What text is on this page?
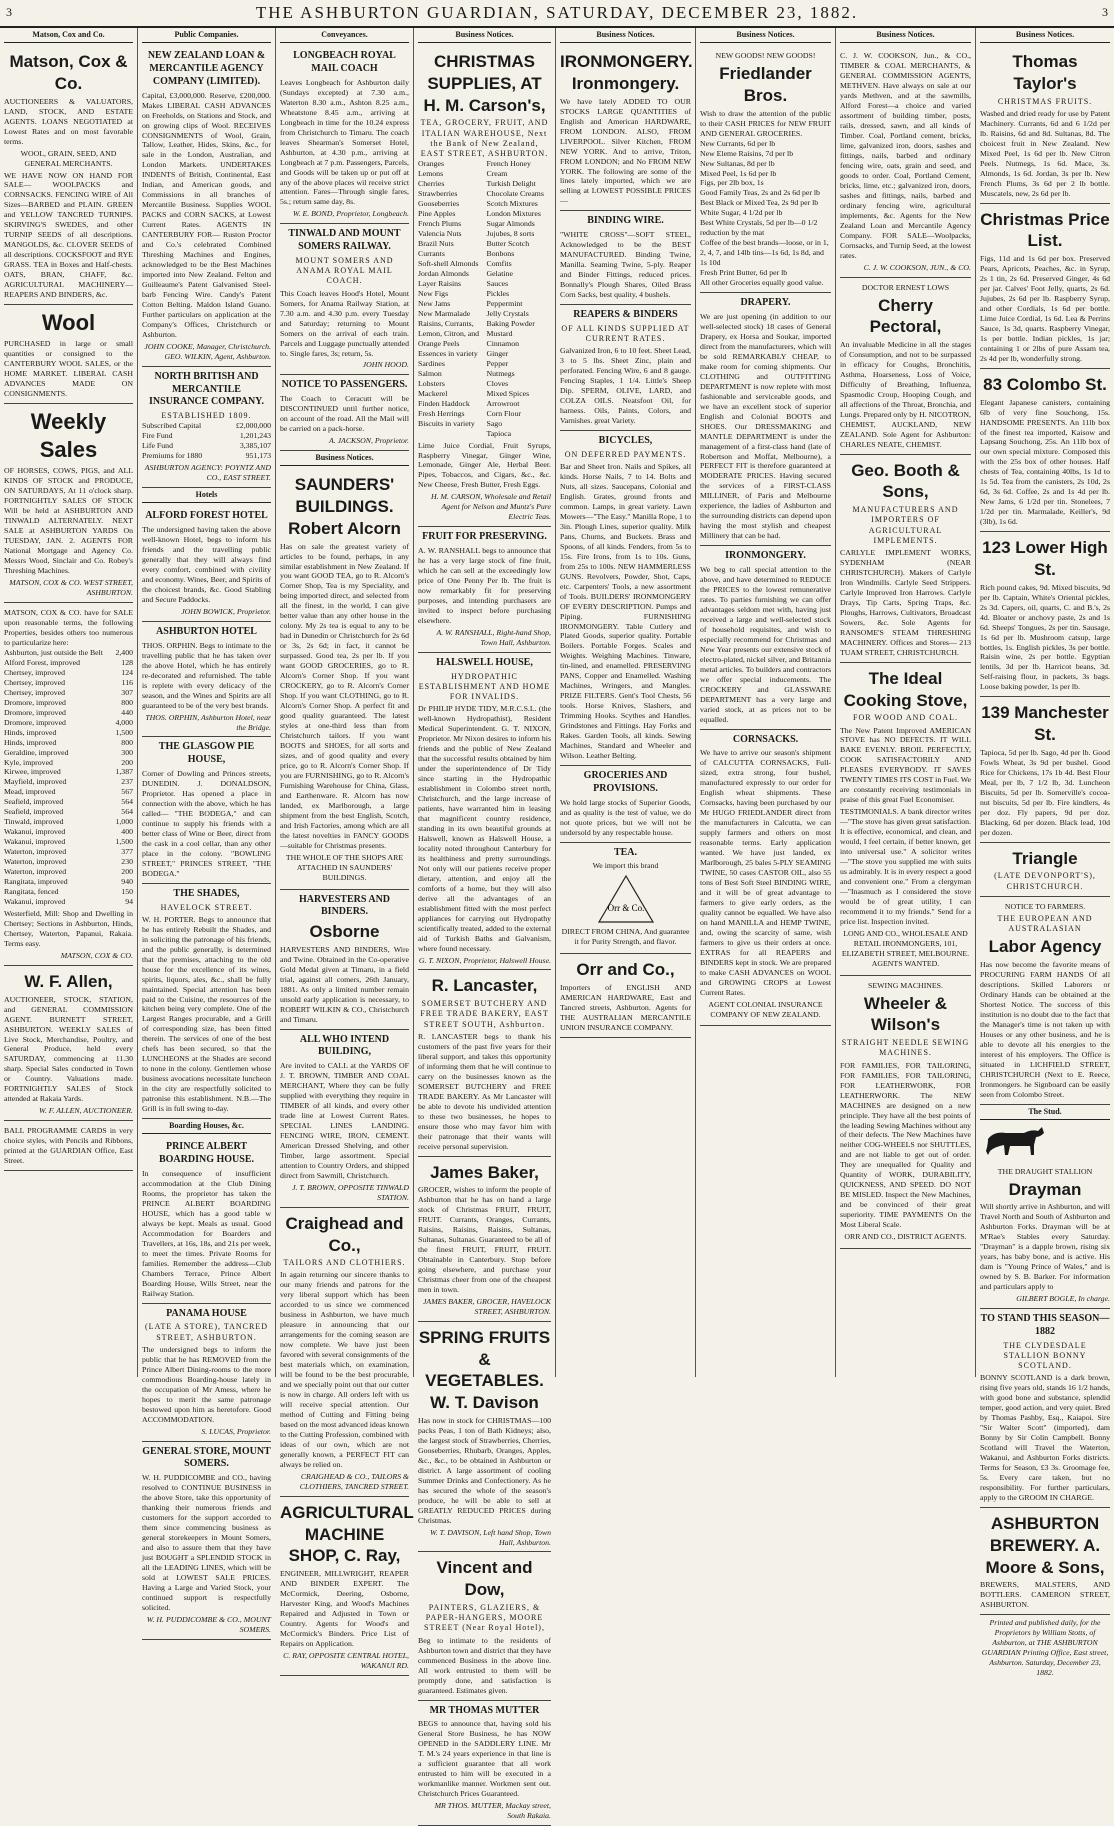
3	THE ASHBURTON GUARDIAN, SATURDAY, DECEMBER 23, 1882.	3
Matson, Cox and Co.
Matson, Cox & Co.
AUCTIONEERS & VALUATORS, LAND, STOCK, AND ESTATE AGENTS. LOANS NEGOTIATED at Lowest Rates and on most favorable terms.
WOOL, GRAIN, SEED, AND GENERAL MERCHANTS.
WE HAVE NOW ON HAND FOR SALE— WOOLPACKS and CORNSACKS. FENCING WIRE of All Sizes—BARBED and PLAIN. GREEN and YELLOW TANCRED TURNIPS. SKIRVING'S SWEDES, and other TURNIP SEEDS of all descriptions. MANGOLDS, &c. CLOVER SEEDS of all descriptions. COCKSFOOT and RYE GRASS. TEA in Boxes and Half-chests. OATS, BRAN, CHAFF, &c. AGRICULTURAL MACHINERY—REAPERS AND BINDERS, &c.
Wool
PURCHASED in large or small quantities or consigned to the CANTERBURY WOOL SALES, or the HOME MARKET. LIBERAL CASH ADVANCES MADE ON CONSIGNMENTS.
Weekly Sales
OF HORSES, COWS, PIGS, and ALL KINDS OF STOCK and PRODUCE, ON SATURDAYS, At 11 o'clock sharp. FORTNIGHTLY SALES OF STOCK Will be held at ASHBURTON AND TINWALD ALTERNATELY. NEXT SALE at ASHBURTON YARDS On TUESDAY, JAN. 2. AGENTS FOR National Mortgage and Agency Co. Messrs Wood, Sinclair and Co. Robey's Threshing Machines.
MATSON, COX & CO. WEST STREET, ASHBURTON.
MATSON, COX & CO. have for SALE upon reasonable terms, the following Properties, besides others too numerous to particularize here:
Ashburton, just outside the Belt 2,400
Alford Forest, improved	128
Chertsey, improved	124
Chertsey, improved	116
Chertsey, improved	307
Dromore, improved	800
Dromore, improved	440
Dromore, improved	4,000
Hinds, improved	1,500
Hinds, improved	800
Geraldine, improved	300
Kyle, improved	200
Kirwee, improved	1,387
Mayfield, improved	237
Mead, improved	567
Seafield, improved	564
Seafield, improved	564
Tinwald, improved	1,000
Wakanui, improved	400
Wakanui, improved	1,500
Waterton, improved	377
Waterton, improved	230
Waterton, improved	200
Rangitata, improved	940
Rangitata, fenced	150
Wakanui, improved	94
Westerfield, Mill: Shop and Dwelling in Chertsey; Sections in Ashburton, Hinds, Chertsey, Waterton, Papanui, Rakaia. Terms easy.
MATSON, COX & CO.
W. F. Allen,
AUCTIONEER, STOCK, STATION, and GENERAL COMMISSION AGENT. BURNETT STREET, ASHBURTON. WEEKLY SALES of Live Stock, Merchandise, Poultry, and General Produce, held every SATURDAY, commencing at 11.30 sharp. Special Sales conducted in Town or Country. Valuations made. FORTNIGHTLY SALES of Stock attended at Rakaia Yards.
W. F. ALLEN, AUCTIONEER.
BALL PROGRAMME CARDS in very choice styles, with Pencils and Ribbons, printed at the GUARDIAN Office, East Street.
Public Companies.
NEW ZEALAND LOAN & MERCANTILE AGENCY COMPANY (LIMITED).
Capital, £3,000,000. Reserve, £200,000. Makes LIBERAL CASH ADVANCES on Freeholds, on Stations and Stock, and on growing clips of Wool. RECEIVES CONSIGNMENTS of Wool, Grain, Tallow, Leather, Hides, Skins, &c., for sale in the London, Australian, and London Markets. UNDERTAKES INDENTS of British, Continental, East Indian, and American goods, and Commissions in all branches of Mercantile Business. Supplies WOOL PACKS and CORN SACKS, at Lowest Current Rates. AGENTS IN CANTERBURY FOR— Ruston Proctor and Co.'s celebrated Combined Threshing Machines and Engines, acknowledged to be the Best Machines imported into New Zealand. Felton and Guilleaume's Patent Galvanised Steel-barb Fencing Wire. Candy's Patent Cotton Belting. Maldon Island Guano. Further particulars on application at the Company's Offices, Christchurch or Ashburton.
JOHN COOKE, Manager, Christchurch. GEO. WILKIN, Agent, Ashburton.
NORTH BRITISH AND MERCANTILE INSURANCE COMPANY.
ESTABLISHED 1809.
Subscribed Capital	£2,000,000
Fire Fund	1,201,243
Life Fund	3,385,107
Premiums for 1880	951,173
ASHBURTON AGENCY: POYNTZ AND CO., EAST STREET.
Hotels
ALFORD FOREST HOTEL
The undersigned having taken the above well-known Hotel, begs to inform his friends and the travelling public generally that they will always find every comfort, combined with civility and economy. Wines, Beer, and Spirits of the choicest brands, &c. Good Stabling and Secure Paddocks.
JOHN BOWICK, Proprietor.
ASHBURTON HOTEL
THOS. ORPHIN. Begs to intimate to the travelling public that he has taken over the above Hotel, which he has entirely re-decorated and refurnished. The table is replete with every delicacy of the season, and the Wines and Spirits are all guaranteed to be of the very best brands.
THOS. ORPHIN, Ashburton Hotel, near the Bridge.
THE GLASGOW PIE HOUSE,
Corner of Dowling and Princes streets, DUNEDIN. J. DONALDSON, Proprietor. Has opened a place in connection with the above, which he has called— "THE BODEGA," and can continue to supply his friends with a better class of Wine or Beer, direct from the cask in a cool cellar, than any other place in the colony. "BOWLING STREET," PRINCES STREET, "THE BODEGA."
THE SHADES,
HAVELOCK STREET.
W. H. PORTER. Begs to announce that he has entirely Rebuilt the Shades, and in soliciting the patronage of his friends, and the public generally, is determined that the premises, attaching to the old house for the excellence of its wines, spirits, liquors, ales, &c., shall be fully maintained. Special attention has been paid to the Cuisine, the resources of the kitchen being very complete. One of the Largest Ranges procurable, and a Grill of corresponding size, has been fitted therein. The services of one of the best chefs has been secured, so that the LUNCHEONS at the Shades are second to none in the colony. Gentlemen whose business avocations necessitate luncheon in the city are respectfully solicited to patronise this establishment. N.B.—The Grill is in full swing to-day.
Boarding Houses, &c.
PRINCE ALBERT BOARDING HOUSE.
In consequence of insufficient accommodation at the Club Dining Rooms, the proprietor has taken the PRINCE ALBERT BOARDING HOUSE, which has a good table w always be kept. Meals as usual. Good Accommodation for Boarders and Travellers, at 16s, 18s, and 21s per week, to meet the times. Private Rooms for families. Remember the address—Club Chambers Terrace, Prince Albert Boarding House, Wills Street, near the Railway Station.
PANAMA HOUSE
(LATE A STORE), TANCRED STREET, ASHBURTON.
The undersigned begs to inform the public that he has REMOVED from the Prince Albert Dining-rooms to the more commodious Boarding-house lately in the occupation of Mr Amess, where he hopes to merit the same patronage bestowed upon him as heretofore. Good ACCOMMODATION.
S. LUCAS, Proprietor.
GENERAL STORE, MOUNT SOMERS.
W. H. PUDDICOMBE and CO., having resolved to CONTINUE BUSINESS in the above Store, take this opportunity of thanking their numerous friends and customers for the support accorded to them since commencing business as general storekeepers in Mount Somers, and also to assure them that they have just BOUGHT a SPLENDID STOCK in all the LEADING LINES, which will be sold at LOWEST SALE PRICES. Having a Large and Varied Stock, your continued support is respectfully solicited.
W. H. PUDDICOMBE & CO., MOUNT SOMERS.
Conveyances.
LONGBEACH ROYAL MAIL COACH
Leaves Longbeach for Ashburton daily (Sundays excepted) at 7.30 a.m., Waterton 8.30 a.m., Ashton 8.25 a.m., Wheatstone 8.45 a.m., arriving at Longbeach in time for the 10.24 express from Christchurch to Timaru. The coach leaves Shearman's Somerset Hotel, Ashburton, at 4.30 p.m., arriving at Longbeach at 7 p.m. Passengers, Parcels, and Goods will be taken up or put off at any of the above places wil receive strict attention. Fares—Through single fares, 5s.; return same day, 8s.
W. E. BOND, Proprietor, Longbeach.
TINWALD AND MOUNT SOMERS RAILWAY.
MOUNT SOMERS AND ANAMA ROYAL MAIL COACH.
This Coach leaves Hood's Hotel, Mount Somers, for Anama Railway Station, at 7.30 a.m. and 4.30 p.m. every Tuesday and Saturday; returning to Mount Somers on the arrival of each train. Parcels and Luggage punctually attended to. Single fares, 3s; return, 5s.
JOHN HOOD.
NOTICE TO PASSENGERS.
The Coach to Ceracutt will be DISCONTINUED until further notice, on account of the road. All the Mail will be carried on a pack-horse.
A. JACKSON, Proprietor.
Business Notices.
SAUNDERS' BUILDINGS. Robert Alcorn
Has on sale the greatest variety of articles to be found, perhaps, in any similar establishment in New Zealand. If you want GOOD TEA, go to R. Alcorn's Corner Shop, Tea is my Speciality, and being imported direct, and selected from all the finest, in the world, I can give better value than any other house in the colony. My 2s tea is equal to any to be had in Dunedin or Christchurch for 2s 6d or 3s, 2s 6d; in fact, it cannot be surpassed. Good tea, 2s per lb. If you want GOOD GROCERIES, go to R. Alcorn's Corner Shop. If you want CROCKERY, go to R. Alcorn's Corner Shop. If you want CLOTHING, go to R. Alcorn's Corner Shop. A perfect fit and good quality guaranteed. The latest styles at one-third less than from Christchurch tailors. If you want BOOTS and SHOES, for all sorts and sizes, and of good quality and every price, go to R. Alcorn's Corner Shop. If you are FURNISHING, go to R. Alcorn's Furnishing Warehouse for China, Glass, and Earthenware. R. Alcorn has now landed, ex Marlborough, a large shipment from the best English, Scotch, and Irish Factories, among which are all the latest novelties in FANCY GOODS—suitable for Christmas presents.
THE WHOLE OF THE SHOPS ARE ATTACHED IN SAUNDERS' BUILDINGS.
HARVESTERS AND BINDERS.
Osborne
HARVESTERS AND BINDERS, Wire and Twine. Obtained in the Co-operative Gold Medal given at Timaru, in a field trial, against all comers, 26th January, 1881. As only a limited number remain unsold early application is necessary, to ROBERT WILKIN & CO., Christchurch and Timaru.
ALL WHO INTEND BUILDING,
Are invited to CALL at the YARDS OF J. T. BROWN, TIMBER AND COAL MERCHANT, Where they can be fully supplied with everything they require in TIMBER of all kinds, and every other trade line at Lowest Current Rates. SPECIAL LINES LANDING. FENCING WIRE, IRON, CEMENT. American Dressed Shelving, and other Timber, large assortment. Special attention to Country Orders, and shipped direct from Sawmill, Christchurch.
J. T. BROWN, OPPOSITE TINWALD STATION.
Craighead and Co.,
TAILORS AND CLOTHIERS.
In again returning our sincere thanks to our many friends and patrons for the very liberal support which has been accorded to us since we commenced business in Ashburton, we have much pleasure in announcing that our arrangements for the coming season are now complete. We have just been favored with several consignments of the best materials which, on examination, will be found to be the best procurable, and we specially point out that our cutter is now in charge. All orders left with us will receive special attention. Our method of Cutting and Fitting being based on the most advanced ideas known to the Cutting Profession, combined with ideas of our own, which are not generally known, a PERFECT FIT can always be relied on.
CRAIGHEAD & CO., TAILORS & CLOTHIERS, TANCRED STREET.
AGRICULTURAL MACHINE SHOP, C. Ray,
ENGINEER, MILLWRIGHT, REAPER AND BINDER EXPERT. The McCormick, Deering, Osborne, Harvester King, and Wood's Machines Repaired and Adjusted in Town or Country. Agents for Wood's and McCormick's Binders. Price List of Repairs on Application.
C. RAY, OPPOSITE CENTRAL HOTEL, WAKANUI RD.
Business Notices.
CHRISTMAS SUPPLIES, AT H. M. Carson's,
TEA, GROCERY, FRUIT, AND ITALIAN WAREHOUSE, Next the Bank of New Zealand, EAST STREET, ASHBURTON.
Oranges
Lemons
Cherries
Strawberries
Gooseberries
Pine Apples
French Plums
Valencia Nuts
Brazil Nuts
Currants
Soft-shell Almonds
Jordan Almonds
Layer Raisins
New Figs
New Jams
New Marmalade
Raisins, Currants,
Lemon, Citron, and
Orange Peels
Essences in variety
Sardines
Salmon
Lobsters
Mackerel
Finden Haddock
Fresh Herrings
Biscuits in variety
French Honey Cream
Turkish Delight
Chocolate Creams
Scotch Mixtures
London Mixtures
Sugar Almonds
Jujubes, 8 sorts
Butter Scotch
Bonbons
Comfits
Gelatine
Sauces
Pickles
Peppermint
Jelly Crystals
Baking Powder
Mustard
Cinnamon
Ginger
Pepper
Nutmegs
Cloves
Mixed Spices
Arrowroot
Corn Flour
Sago
Tapioca
Lime Juice Cordial, Fruit Syrups, Raspberry Vinegar, Ginger Wine, Lemonade, Ginger Ale, Herbal Beer. Pipes, Tobaccos, and Cigars, &c., &c. New Cheese, Fresh Butter, Fresh Eggs.
H. M. CARSON, Wholesale and Retail Agent for Nelson and Muntz's Pure Electric Teas.
FRUIT FOR PRESERVING.
A. W. RANSHALL begs to announce that he has a very large stock of fine fruit, which he can sell at the exceedingly low price of One Penny Per lb. The fruit is now remarkably fit for preserving purposes, and intending purchasers are invited to inspect before purchasing elsewhere.
A. W. RANSHALL, Right-hand Shop, Town Hall, Ashburton.
HALSWELL HOUSE,
HYDROPATHIC ESTABLISHMENT AND HOME FOR INVALIDS.
Dr PHILIP HYDE TIDY, M.R.C.S.L. (the well-known Hydropathist), Resident Medical Superintendent. G. T. NIXON, Proprietor. Mr Nixon desires to inform his friends and the public of New Zealand that the successful results obtained by him under the superintendence of Dr Tidy since starting in the Hydropathic establishment in Colombo street north, Christchurch, and the large increase of patients, have warranted him in leasing that magnificent country residence, standing in its own beautiful grounds at Halswell, known as Halswell House, a locality noted throughout Canterbury for its healthiness and pretty surroundings. Not only will our patients receive proper dietary, attention, and enjoy all the comforts of a home, but they will also derive all the advantages of an establishment fitted with the most perfect appliances for carrying out Hydropathy scientifically treated, added to the external aid of Turkish Baths and Galvanism, where found necessary.
G. T. NIXON, Proprietor, Halswell House.
R. Lancaster,
SOMERSET BUTCHERY AND FREE TRADE BAKERY, EAST STREET SOUTH, Ashburton.
R. LANCASTER begs to thank his customers of the past five years for their liberal support, and takes this opportunity of informing them that he will continue to carry on the businesses known as the SOMERSET BUTCHERY and FREE TRADE BAKERY. As Mr Lancaster will be able to devote his undivided attention to these two businesses, he hopes to ensure those who may favor him with their patronage that their wants will receive personal supervision.
James Baker,
GROCER, wishes to inform the people of Ashburton that he has on hand a large stock of Christmas FRUIT, FRUIT, FRUIT. Currants, Oranges, Currants, Raisins, Raisins, Raisins, Sultanas, Sultanas, Sultanas. Guaranteed to be all of the finest FRUIT, FRUIT, FRUIT. Obtainable in Canterbury. Stop before going elsewhere, and purchase your Christmas cheer from one of the cheapest men in town.
JAMES BAKER, GROCER, HAVELOCK STREET, ASHBURTON.
SPRING FRUITS & VEGETABLES. W. T. Davison
Has now in stock for CHRISTMAS—100 packs Peas, 1 ton of Bath Kidneys; also, the largest stock of Strawberries, Cherries, Gooseberries, Rhubarb, Oranges, Apples, &c., &c., to be obtained in Ashburton or district. A large assortment of cooling Summer Drinks and Confectionery. As he has secured the whole of the season's produce, he will be able to sell at GREATLY REDUCED PRICES during Christmas.
W. T. DAVISON, Left hand Shop, Town Hall, Ashburton.
Vincent and Dow,
PAINTERS, GLAZIERS, & PAPER-HANGERS, MOORE STREET (Near Royal Hotel),
Beg to intimate to the residents of Ashburton town and district that they have commenced Business in the above line. All work entrusted to them will be promptly done, and satisfaction is guaranteed. Estimates given.
MR THOMAS MUTTER
BEGS to announce that, having sold his General Store Business, he has NOW OPENED in the SADDLERY LINE. Mr T. M.'s 24 years experience in that line is a sufficient guarantee that all work entrusted to him will be executed in a workmanlike manner. Workmen sent out. Christchurch Prices Guaranteed.
MR THOS. MUTTER, Mackay street, South Rakaia.
Business Notices.
IRONMONGERY. Ironmongery.
We have lately ADDED TO OUR STOCKS LARGE QUANTITIES of English and American HARDWARE, FROM LONDON. ALSO, FROM LIVERPOOL. Silver Kitchen, FROM NEW YORK. And to arrive, Triton, FROM LONDON; and No FROM NEW YORK. The following are some of the lines lately imported, which we are selling at LOWEST POSSIBLE PRICES—
BINDING WIRE.
"WHITE CROSS"—SOFT STEEL, Acknowledged to be the BEST MANUFACTURED. Binding Twine, Manilla. Seaming Twine, 5-ply. Reaper and Binder Fittings, reduced prices. Bonnally's Plough Shares, Oiled Brass Corn Sacks, best quality, 4 bushels.
REAPERS & BINDERS
OF ALL KINDS SUPPLIED AT CURRENT RATES.
Galvanized Iron, 6 to 10 feet. Sheet Lead, 3 to 5 lbs. Sheet Zinc, plain and perforated. Fencing Wire, 6 and 8 gauge. Fencing Staples, 1 1/4. Little's Sheep Dip. SPERM, OLIVE, LARD, and COLZA OILS. Neatsfoot Oil, for harness. Oils, Paints, Colors, and Varnishes. great Variety.
BICYCLES,
ON DEFERRED PAYMENTS.
Bar and Sheet Iron. Nails and Spikes, all kinds. Horse Nails, 7 to 14. Bolts and Nuts, all sizes. Saucepans, Colonial and English. Grates, ground fronts and common. Lamps, in great variety. Lawn Mowers—"The Easy." Manilla Rope, 1 to 3in. Plough Lines, superior quality. Milk Pans, Churns, and Buckets. Brass and Spoons, of all kinds. Fenders, from 5s to 15s. Fire Irons, from 1s to 10s. Guns, from 25s to 100s. NEW HAMMERLESS GUNS. Revolvers, Powder, Shot, Caps, etc. Carpenters' Tools, a new assortment of Tools. BUILDERS' IRONMONGERY OF EVERY DESCRIPTION. Pumps and Piping. FURNISHING IRONMONGERY. Table Cutlery and Plated Goods, superior quality. Portable Boilers. Portable Forges. Scales and Weights. Weighing Machines. Tinware, tin-lined, and enamelled. PRESERVING PANS, Copper and Enamelled. Washing Machines, Wringers, and Mangles. PRIZE FILTERS. Gent's Tool Chests, 56 tools. Horse Knives, Slashers, and Trimming Hooks. Scythes and Handles. Grindstones and Fittings. Hay Forks and Rakes. Garden Tools, all kinds. Sewing Machines, Standard and Wheeler and Wilson. Leather Belting.
GROCERIES AND PROVISIONS.
We hold large stocks of Superior Goods, and as quality is the test of value, we do not quote prices, but we will not be undersold by any respectable house.
TEA.
We import this brand
Orr & Co.
DIRECT FROM CHINA, And guarantee it for Purity Strength, and flavor.
Orr and Co.,
Importers of ENGLISH AND AMERICAN HARDWARE, East and Tancred streets, Ashburton. Agents for THE AUSTRALIAN MERCANTILE UNION INSURANCE COMPANY.
Business Notices.
NEW GOODS! NEW GOODS!
Friedlander Bros.
Wish to draw the attention of the public to their CASH PRICES for NEW FRUIT AND GENERAL GROCERIES.
New Currants, 6d per lb
New Eleme Raisins, 7d per lb
New Sultanas, 8d per lb
Mixed Peel, 1s 6d per lb
Figs, per 2lb box, 1s
Good Family Teas, 2s and 2s 6d per lb
Best Black or Mixed Tea, 2s 9d per lb
White Sugar, 4 1/2d per lb
Best White Crystals, 5d per lb—0 1/2 reduction by the mat
Coffee of the best brands—loose, or in 1, 2, 4, 7, and 14lb tins—1s 6d, 1s 8d, and 1s 10d
Fresh Print Butter, 6d per lb
All other Groceries equally good value.
DRAPERY.
We are just opening (in addition to our well-selected stock) 18 cases of General Drapery, ex Horsa and Soukar, imported direct from the manufacturers, which will be sold REMARKABLY CHEAP, to make room for coming shipments. Our CLOTHING and OUTFITTING DEPARTMENT is now replete with most fashionable and serviceable goods, and we have an excellent stock of superior English and Colonial BOOTS and SHOES. Our DRESSMAKING and MANTLE DEPARTMENT is under the management of a first-class hand (late of Robertson and Moffat, Melbourne), a PERFECT FIT is therefore guaranteed at MODERATE PRICES. Having secured the services of a FIRST-CLASS MILLINER, of Paris and Melbourne experience, the ladies of Ashburton and the surrounding districts can depend upon having the most stylish and cheapest Millinery that can be had.
IRONMONGERY.
We beg to call special attention to the above, and have determined to REDUCE the PRICES to the lowest remunerative rates. To parties furnishing we can offer advantages seldom met with, having just received a large and well-selected stock of household requisites, and wish to especially recommend for Christmas and New Year presents our extensive stock of electro-plated, nickel silver, and Britannia metal articles. To builders and contractors we offer special inducements. The CROCKERY and GLASSWARE DEPARTMENT has a very large and varied stock, at as prices not to be equalled.
CORNSACKS.
We have to arrive our season's shipment of CALCUTTA CORNSACKS, Full-sized, extra strong, four bushel, manufactured expressly to our order for English wheat shipments. These Cornsacks, having been purchased by our Mr HUGO FRIEDLANDER direct from the manufacturers in Calcutta, we can supply farmers and others on most reasonable terms. Early application wanted. We have just landed, ex Marlborough, 25 bales 5-PLY SEAMING TWINE, 50 cases CASTOR OIL, also 55 tons of Best Soft Steel BINDING WIRE, and it will be of great advantage to farmers to give early orders, as the quality cannot be equalled. We have also on hand MANILLA and HEMP TWINE, and, owing the scarcity of same, wish farmers to give us their orders at once. EXTRAS for all REAPERS and BINDERS kept in stock. We are prepared to make CASH ADVANCES on WOOL and GROWING CROPS at Lowest Current Rates.
AGENT COLONIAL INSURANCE COMPANY OF NEW ZEALAND.
Business Notices.
C. J. W. COOKSON, Jun., & CO., TIMBER & COAL MERCHANTS, & GENERAL COMMISSION AGENTS, METHVEN. Have always on sale at our yards Methven, and at the sawmills, Alford Forest—a choice and varied assortment of building timber, posts, rails, dressed, sawn, and all kinds of Timber. Coal, Portland cement, bricks, lime, galvanized iron, doors, sashes and fittings, nails, barbed and ordinary fencing wire, oats, grain and seed, and goods to order. Coal, Portland Cement, bricks, lime, etc.; galvanized iron, doors, sashes and fittings, nails, barbed and ordinary fencing wire, agricultural implements, &c. Agents for the New Zealand Loan and Mercantile Agency Company. FOR SALE—Woolpacks, Cornsacks, and Turnip Seed, at the lowest rates.
C. J. W. COOKSON, JUN., & CO.
DOCTOR ERNEST LOWS
Cherry Pectoral,
An invaluable Medicine in all the stages of Consumption, and not to be surpassed in efficacy for Coughs, Bronchitis, Asthma, Hoarseness, Loss of Voice, Difficulty of Breathing, Influenza, Spasmodic Croup, Hooping Cough, and all affections of the Throat, Bronchia, and Lungs. Prepared only by H. NICOTRON, CHEMIST, AUCKLAND, NEW ZEALAND. Sole Agent for Ashburton: CHARLES NEATE, CHEMIST.
Geo. Booth & Sons,
MANUFACTURERS AND IMPORTERS OF AGRICULTURAL IMPLEMENTS.
CARLYLE IMPLEMENT WORKS, SYDENHAM (NEAR CHRISTCHURCH). Makers of Carlyle Iron Windmills. Carlyle Seed Strippers. Carlyle Improved Iron Harrows. Carlyle Drays, Tip Carts, Spring Traps, &c. Ploughs, Harrows, Cultivators, Broadcast Sowers, &c. Sole Agents for RANSOME'S STEAM THRESHING MACHINERY. Offices and Stores— 213 TUAM STREET, CHRISTCHURCH.
The Ideal Cooking Stove,
FOR WOOD AND COAL.
The New Patent Improved AMERICAN STOVE has NO DEFECTS. IT WILL BAKE EVENLY. BROIL PERFECTLY, COOK SATISFACTORILY AND PLEASES EVERYBODY. IT SAVES TWENTY TIMES ITS COST in Fuel. We are constantly receiving testimonials in praise of this great Fuel Economiser.
TESTIMONIALS. A bank director writes—"The stove has given great satisfaction. It is effective, economical, and clean, and would, I feel certain, if better known, get into universal use." A solicitor writes—"The stove you supplied me with suits us admirably. It is in every respect a good and convenient one." From a clergyman—"Inasmuch as I considered the stove would be of great utility, I can recommend it to my friends." Send for a price list. Inspection invited.
LONG AND CO., WHOLESALE AND RETAIL IRONMONGERS, 101, ELIZABETH STREET, MELBOURNE. AGENTS WANTED.
SEWING MACHINES.
Wheeler & Wilson's
STRAIGHT NEEDLE SEWING MACHINES.
FOR FAMILIES, FOR TAILORING, FOR FAMILIES, FOR TAILORING, FOR LEATHERWORK, FOR LEATHERWORK. The NEW MACHINES are designed on a new principle. They have all the best points of the leading Sewing Machines without any of their defects. The New Machines have neither COG-WHEELS nor SHUTTLES, and are not liable to get out of order. They are unequalled for Quality and Quantity of WORK, DURABILITY, QUICKNESS, AND SPEED. DO NOT BE MISLED. Inspect the New Machines, and be convinced of their great superiority. TIME PAYMENTS On the Most Liberal Scale.
ORR AND CO., DISTRICT AGENTS.
Business Notices.
Thomas Taylor's
CHRISTMAS FRUITS.
Washed and dried ready for use by Patent Machinery. Currants, 6d and 6 1/2d per lb. Raisins, 6d and 8d. Sultanas, 8d. The choicest fruit in New Zealand. New Mixed Peel, 1s 6d per lb. New Citron Peels. Nutmegs, 1s 6d. Mace, 3s. Almonds, 1s 6d. Jordan, 3s per lb. New French Plums, 3s 6d per 2 lb bottle. Muscatels, new, 2s 6d per lb.
Christmas Price List.
Figs, 11d and 1s 6d per box. Preserved Pears, Apricots, Peaches, &c. in Syrup, 2s 1 tin, 2s 6d. Preserved Ginger, 4s 6d per jar. Calves' Foot Jelly, quarts, 2s 6d. Jujubes, 2s 6d per lb. Raspberry Syrup, and other Cordials, 1s 6d per bottle. Lime Juice Cordial, 1s 6d. Lea & Perrins Sauce, 1s 3d, quarts. Raspberry Vinegar, 1s per bottle. Indian pickles, 1s jar; containing 1 or 2lbs of pure Assam tea, 2s 4d per lb, wonderfully strong.
83 Colombo St.
Elegant Japanese canisters, containing 6lb of very fine Souchong, 15s. HANDSOME PRESENTS. An 11lb box of the finest tea imported, Kaisow and Lapsang Souchong, 25s. An 11lb box of our own special mixture. Composed this with the 25s box of other houses. Half chests of Tea, containing 40lbs, 1s 1d to 1s 5d. Tea from the canisters, 2s 10d, 2s 6d, 3s 6d. Coffee, 2s and 1s 4d per lb. New Jams, 6 1/2d per tin. Stonelees, 7 1/2d per tin. Marmalade, Keiller's, 9d (3lb), 1s 6d.
123 Lower High St.
Rich pound cakes, 9d. Mixed biscuits, 9d per lb. Captain, White's Oriental pickles, 2s 3d. Capers, oil, quarts, C. and B.'s, 2s 4d. Bloater or anchovy paste, 2s and 1s 6d. Sheeps' Tongues, 2s per tin. Sausage, 1s 6d per lb. Mushroom catsup, large bottles, 1s. English pickles, 3s per bottle. Raisin wine, 2s per bottle. Egyptian lentils, 3d per lb. Harricot beans, 3d. Self-raising flour, in packets, 3s bags. Loose baking powder, 1s per lb.
139 Manchester St.
Tapioca, 5d per lb. Sago, 4d per lb. Good Fowls Wheat, 3s 9d per bushel. Good Rice for Chickens, 17s 1b 4d. Best Flour Meal, per lb, 7 1/2 lb, 3d. Luncheon Biscuits, 5d per lb. Somerville's cocoa-nut biscuits, 5d per lb. Fire kindlers, 4s per doz. Fly papers, 9d per doz. Blacking, 6d per dozen. Black lead, 10d per dozen.
Triangle
(LATE DEVONPORT'S), CHRISTCHURCH.
NOTICE TO FARMERS.
THE EUROPEAN AND AUSTRALASIAN
Labor Agency
Has now become the favorite means of PROCURING FARM HANDS Of all descriptions. Skilled Laborers or Ordinary Hands can be obtained at the Shortest Notice. The success of this institution is no doubt due to the fact that the Manager's time is not taken up with Houses or any other business, and he is able to devote all his energies to the interest of his employers. The Office is situated in LICHFIELD STREET, CHRISTCHURCH (Next to E. Reece, Ironmongers. he Signboard can be easily seen from Colombo Street.
The Stud.
THE DRAUGHT STALLION
Drayman
Will shortly arrive in Ashburton, and will Travel North and South of Ashburton and Ashburton Forks. Drayman will be at M'Rae's Stables every Saturday. "Drayman" is a dapple brown, rising six years, has baby bone, and is active. His dam is "Young Prince of Wales," and is owned by S. B. Barker. For information and particulars apply to
GILBERT BOGLE, In charge.
TO STAND THIS SEASON—1882
THE CLYDESDALE STALLION BONNY SCOTLAND.
BONNY SCOTLAND is a dark brown, rising five years old, stands 16 1/2 hands, with good bone and substance, splendid temper, good action, and very quiet. Bred by Thomas Pashby, Esq., Kaiapoi. Sire "Sir Walter Scott" (imported), dam Bonny by Sir Colin Campbell. Bonny Scotland will Travel the Waterton, Wakanui, and Ashburton Forks districts. Terms for Season, £3 3s. Groomage fee, 5s. Every care taken, but no responsibility. For further particulars, apply to the GROOM IN CHARGE.
ASHBURTON BREWERY. A. Moore & Sons,
BREWERS, MALSTERS, AND BOTTLERS. CAMERON STREET, ASHBURTON.
Printed and published daily, for the Proprietors by William Stotts, of Ashburton, at THE ASHBURTON GUARDIAN Printing Office, East street, Ashburton. Saturday, December 23, 1882.
